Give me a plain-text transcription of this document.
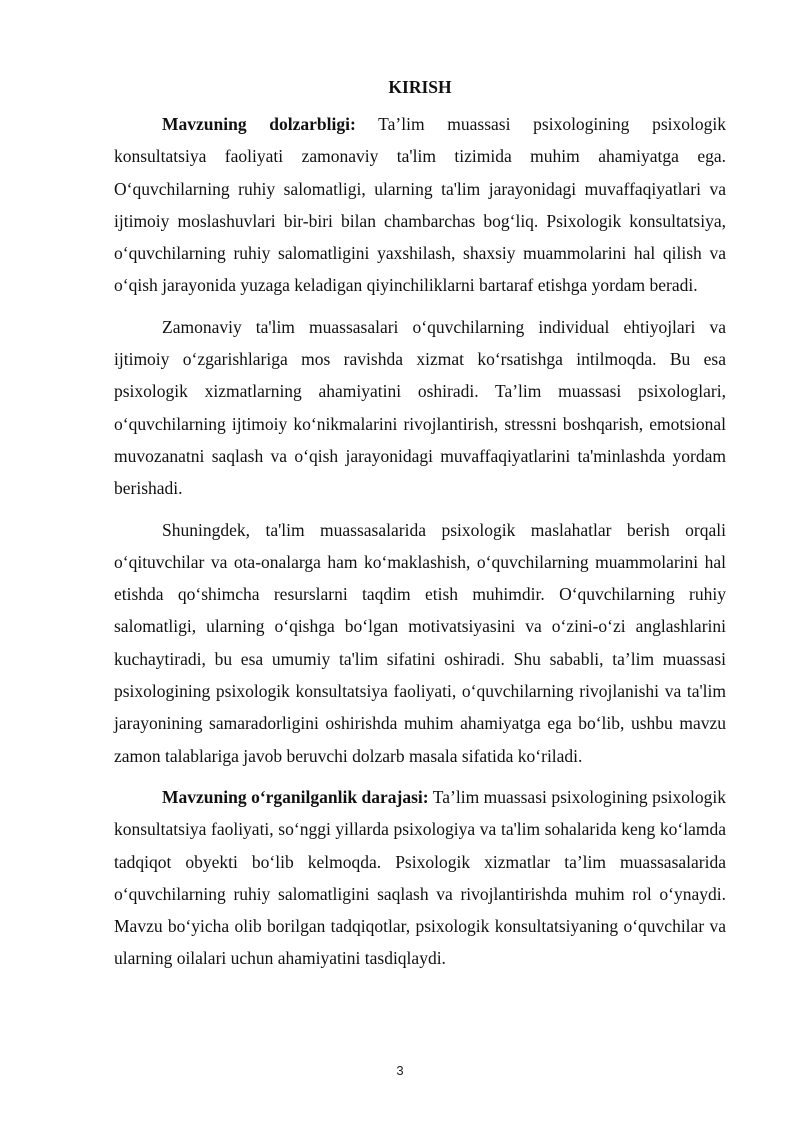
KIRISH

Mavzuning dolzarbligi: Ta’lim muassasi psixologining psixologik konsultatsiya faoliyati zamonaviy ta'lim tizimida muhim ahamiyatga ega. O‘quvchilarning ruhiy salomatligi, ularning ta'lim jarayonidagi muvaffaqiyatlari va ijtimoiy moslashuvlari bir-biri bilan chambarchas bog‘liq. Psixologik konsultatsiya, o‘quvchilarning ruhiy salomatligini yaxshilash, shaxsiy muammolarini hal qilish va o‘qish jarayonida yuzaga keladigan qiyinchiliklarni bartaraf etishga yordam beradi.

Zamonaviy ta'lim muassasalari o‘quvchilarning individual ehtiyojlari va ijtimoiy o‘zgarishlariga mos ravishda xizmat ko‘rsatishga intilmoqda. Bu esa psixologik xizmatlarning ahamiyatini oshiradi. Ta’lim muassasi psixologlari, o‘quvchilarning ijtimoiy ko‘nikmalarini rivojlantirish, stressni boshqarish, emotsional muvozanatni saqlash va o‘qish jarayonidagi muvaffaqiyatlarini ta'minlashda yordam berishadi.

Shuningdek, ta'lim muassasalarida psixologik maslahatlar berish orqali o‘qituvchilar va ota-onalarga ham ko‘maklashish, o‘quvchilarning muammolarini hal etishda qo‘shimcha resurslarni taqdim etish muhimdir. O‘quvchilarning ruhiy salomatligi, ularning o‘qishga bo‘lgan motivatsiyasini va o‘zini-o‘zi anglashlarini kuchaytiradi, bu esa umumiy ta'lim sifatini oshiradi. Shu sababli, ta’lim muassasi psixologining psixologik konsultatsiya faoliyati, o‘quvchilarning rivojlanishi va ta'lim jarayonining samaradorligini oshirishda muhim ahamiyatga ega bo‘lib, ushbu mavzu zamon talablariga javob beruvchi dolzarb masala sifatida ko‘riladi.

Mavzuning o‘rganilganlik darajasi: Ta’lim muassasi psixologining psixologik konsultatsiya faoliyati, so‘nggi yillarda psixologiya va ta'lim sohalarida keng ko‘lamda tadqiqot obyekti bo‘lib kelmoqda. Psixologik xizmatlar ta’lim muassasalarida o‘quvchilarning ruhiy salomatligini saqlash va rivojlantirishda muhim rol o‘ynaydi. Mavzu bo‘yicha olib borilgan tadqiqotlar, psixologik konsultatsiyaning o‘quvchilar va ularning oilalari uchun ahamiyatini tasdiqlaydi.

3
